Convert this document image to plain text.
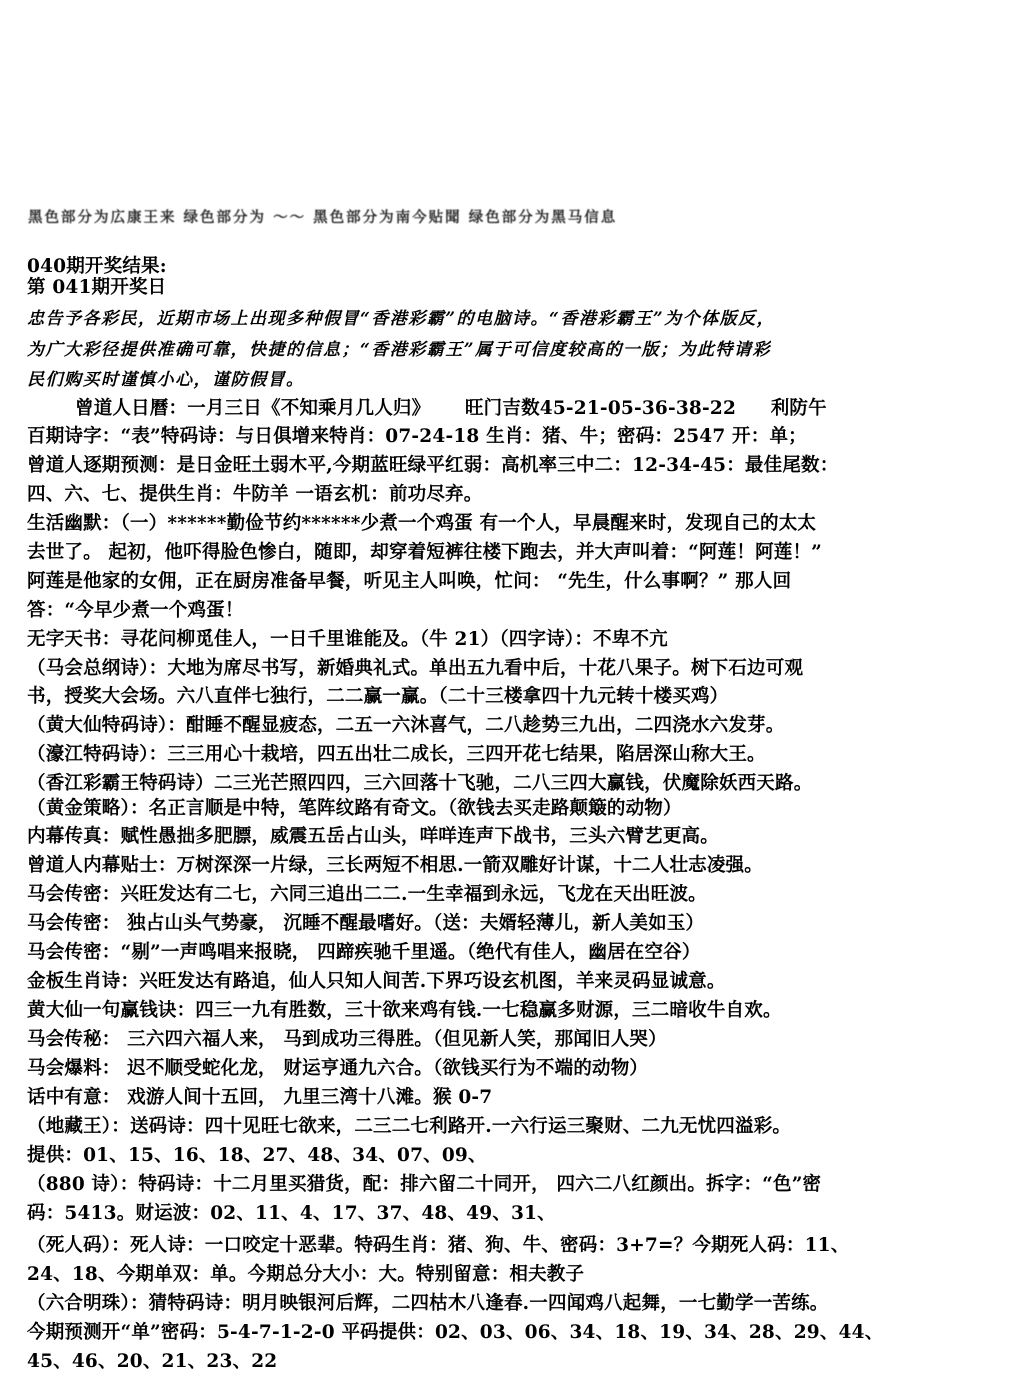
黑色部分为広康王来 绿色部分为 ～～ 黑色部分为南今贴聞 绿色部分为黑马信息
040期开奖结果:
第 041期开奖日
忠告予各彩民，近期市场上出现多种假冒“香港彩霸”的电脑诗。“香港彩霸王”为个体版反，
为广大彩径提供准确可靠，快捷的信息；“香港彩霸王”属于可信度较高的一版；为此特请彩
民们购买时谨慎小心，谨防假冒。
曾道人日曆：一月三日《不知乘月几人归》 旺门吉数45-21-05-36-38-22 利防午
百期诗字：“表”特码诗：与日俱增来特肖：07-24-18 生肖：猪、牛；密码：2547 开：单；
曾道人逐期预测：是日金旺土弱木平,今期蓝旺绿平红弱：高机率三中二：12-34-45：最佳尾数：
四、六、七、提供生肖：牛防羊 一语玄机：前功尽弃。
生活幽默：（一）******勤俭节约******少煮一个鸡蛋 有一个人，早晨醒来时，发现自己的太太
去世了。 起初，他吓得脸色惨白，随即，却穿着短裤往楼下跑去，并大声叫着：“阿莲！阿莲！”
阿莲是他家的女佣，正在厨房准备早餐，听见主人叫唤，忙问： “先生，什么事啊？” 那人回
答：“今早少煮一个鸡蛋！
无字天书：寻花问柳觅佳人，一日千里谁能及。（牛 21）（四字诗）：不卑不亢
（马会总纲诗）：大地为席尽书写，新婚典礼式。单出五九看中后，十花八果子。树下石边可观
书，授奖大会场。六八直伴七独行，二二赢一赢。（二十三楼拿四十九元转十楼买鸡）
（黄大仙特码诗）：酣睡不醒显疲态，二五一六沐喜气，二八趁势三九出，二四浇水六发芽。
（濠江特码诗）：三三用心十栽培，四五出壮二成长，三四开花七结果，陷居深山称大王。
（香江彩霸王特码诗）二三光芒照四四，三六回落十飞驰，二八三四大赢钱，伏魔除妖西天路。
（黄金策略）：名正言顺是中特，笔阵纹路有奇文。（欲钱去买走路颠簸的动物）
内幕传真：赋性愚拙多肥膘，威震五岳占山头，咩咩连声下战书，三头六臂艺更高。
曾道人内幕贴士：万树深深一片绿，三长两短不相思.一箭双雕好计谋，十二人壮志凌强。
马会传密：兴旺发达有二七，六同三追出二二.一生幸福到永远，飞龙在天出旺波。
马会传密： 独占山头气势豪， 沉睡不醒最嗜好。（送：夫婿轻薄儿，新人美如玉）
马会传密：“剔”一声鸣唱来报晓， 四蹄疾驰千里遥。（绝代有佳人，幽居在空谷）
金板生肖诗：兴旺发达有路追，仙人只知人间苦.下界巧设玄机图，羊来灵码显诚意。
黄大仙一句赢钱诀：四三一九有胜数，三十欲来鸡有钱.一七稳赢多财源，三二暗收牛自欢。
马会传秘： 三六四六福人来， 马到成功三得胜。（但见新人笑，那闻旧人哭）
马会爆料： 迟不顺受蛇化龙， 财运亨通九六合。（欲钱买行为不端的动物）
话中有意： 戏游人间十五回， 九里三湾十八滩。猴 0-7
（地藏王）：送码诗：四十见旺七欲来，二三二七利路开.一六行运三聚财、二九无忧四溢彩。
提供：01、15、16、18、27、48、34、07、09、
（880 诗）：特码诗：十二月里买猎货，配：排六留二十同开， 四六二八红颜出。拆字：“色”密
码：5413。财运波：02、11、4、17、37、48、49、31、
（死人码）：死人诗：一口咬定十恶辈。特码生肖：猪、狗、牛、密码：3+7=？今期死人码：11、
24、18、今期单双：单。今期总分大小：大。特别留意：相夫教子
（六合明珠）：猜特码诗：明月映银河后辉，二四枯木八逢春.一四闻鸡八起舞，一七勤学一苦练。
今期预测开“单”密码：5-4-7-1-2-0 平码提供：02、03、06、34、18、19、34、28、29、44、
45、46、20、21、23、22
